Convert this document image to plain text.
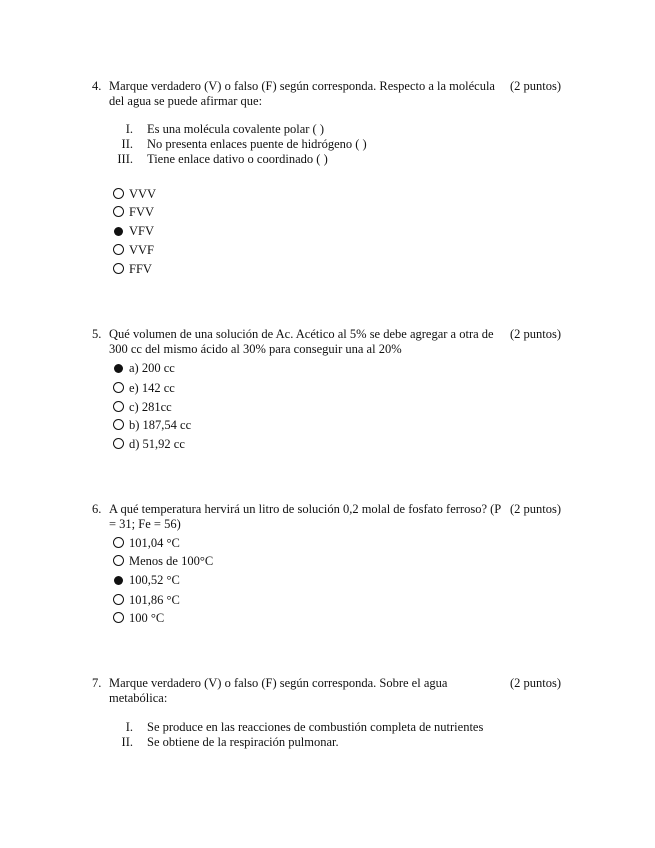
4. Marque verdadero (V) o falso (F) según corresponda. Respecto a la molécula del agua se puede afirmar que:
(2 puntos)
I. Es una molécula covalente polar ( )
II. No presenta enlaces puente de hidrógeno ( )
III. Tiene enlace dativo o coordinado ( )
VVV
FVV
VFV
VVF
FFV
5. Qué volumen de una solución de Ac. Acético al 5% se debe agregar a otra de 300 cc del mismo ácido al 30% para conseguir una al 20%
(2 puntos)
a) 200 cc
e) 142 cc
c) 281cc
b) 187,54 cc
d) 51,92 cc
6. A qué temperatura hervirá un litro de solución 0,2 molal de fosfato ferroso? (P = 31; Fe = 56)
(2 puntos)
101,04 °C
Menos de 100°C
100,52 °C
101,86 °C
100 °C
7. Marque verdadero (V) o falso (F) según corresponda. Sobre el agua metabólica:
(2 puntos)
I. Se produce en las reacciones de combustión completa de nutrientes
II. Se obtiene de la respiración pulmonar.
